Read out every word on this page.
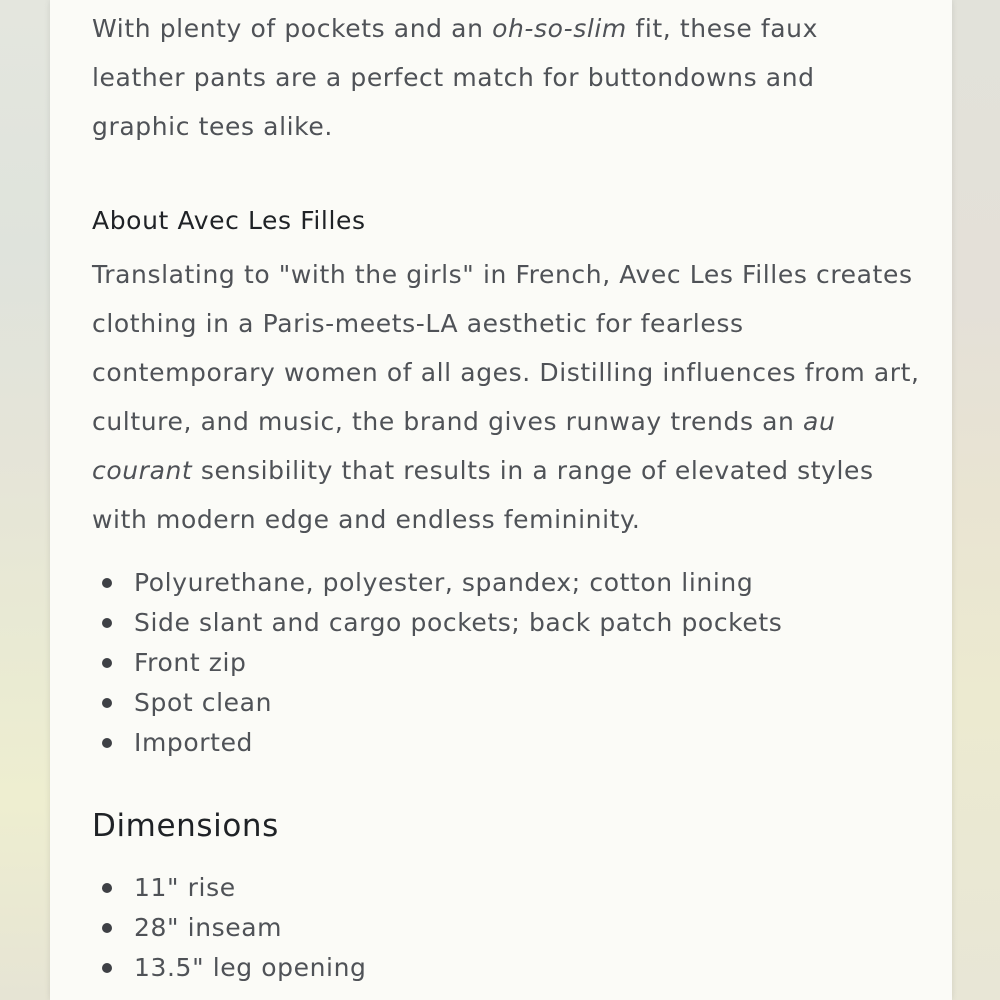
With plenty of pockets and an oh-so-slim fit, these faux leather pants are a perfect match for buttondowns and graphic tees alike.

About Avec Les Filles

Translating to "with the girls" in French, Avec Les Filles creates clothing in a Paris-meets-LA aesthetic for fearless contemporary women of all ages. Distilling influences from art, culture, and music, the brand gives runway trends an au courant sensibility that results in a range of elevated styles with modern edge and endless femininity.

Polyurethane, polyester, spandex; cotton lining
Side slant and cargo pockets; back patch pockets
Front zip
Spot clean
Imported
Dimensions
11" rise
28" inseam
13.5" leg opening
